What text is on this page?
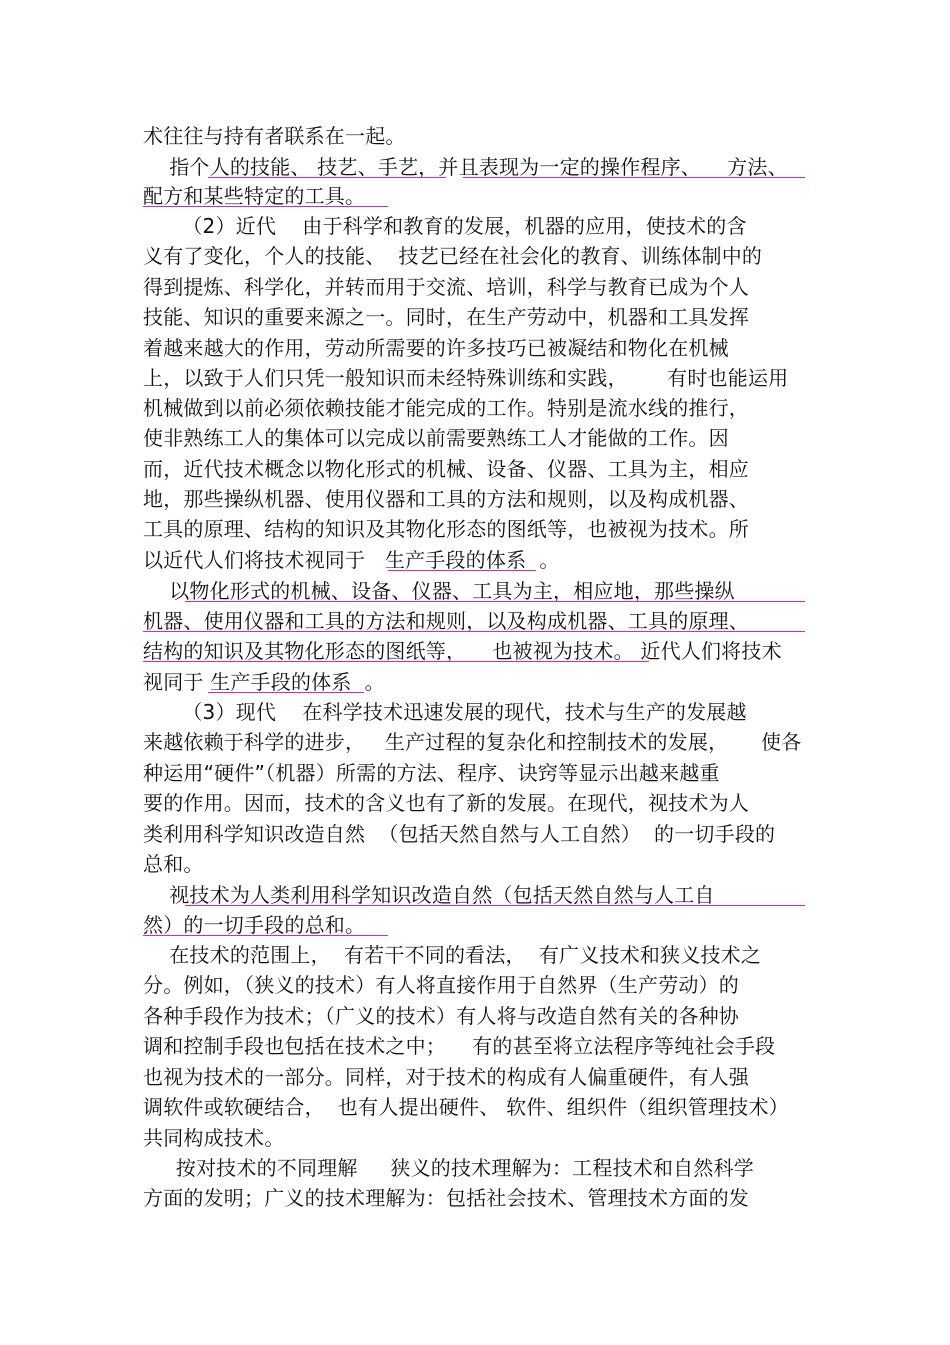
术往往与持有者联系在一起。
指个人的技能、 技艺、手艺，并且表现为一定的操作程序、    方法、
配方和某些特定的工具。
（2）近代    由于科学和教育的发展，机器的应用，使技术的含
义有了变化，个人的技能、  技艺已经在社会化的教育、训练体制中的
得到提炼、科学化，并转而用于交流、培训，科学与教育已成为个人
技能、知识的重要来源之一。同时，在生产劳动中，机器和工具发挥
着越来越大的作用，劳动所需要的许多技巧已被凝结和物化在机械
上，以致于人们只凭一般知识而未经特殊训练和实践，      有时也能运用
机械做到以前必须依赖技能才能完成的工作。特别是流水线的推行，
使非熟练工人的集体可以完成以前需要熟练工人才能做的工作。因
而，近代技术概念以物化形式的机械、设备、仪器、工具为主，相应
地，那些操纵机器、使用仪器和工具的方法和规则，以及构成机器、
工具的原理、结构的知识及其物化形态的图纸等，也被视为技术。所
以近代人们将技术视同于   生产手段的体系  。
以物化形式的机械、设备、仪器、工具为主，相应地，那些操纵
机器、使用仪器和工具的方法和规则，以及构成机器、工具的原理、
结构的知识及其物化形态的图纸等，    也被视为技术。 近代人们将技术
视同于 生产手段的体系  。
（3）现代    在科学技术迅速发展的现代，技术与生产的发展越
来越依赖于科学的进步，   生产过程的复杂化和控制技术的发展，     使各
种运用“硬件”（机器）所需的方法、程序、诀窍等显示出越来越重
要的作用。因而，技术的含义也有了新的发展。在现代，视技术为人
类利用科学知识改造自然  （包括天然自然与人工自然）  的一切手段的
总和。
视技术为人类利用科学知识改造自然（包括天然自然与人工自
然）的一切手段的总和。
在技术的范围上，  有若干不同的看法，  有广义技术和狭义技术之
分。例如，（狭义的技术）有人将直接作用于自然界（生产劳动）的
各种手段作为技术；（广义的技术）有人将与改造自然有关的各种协
调和控制手段也包括在技术之中；    有的甚至将立法程序等纯社会手段
也视为技术的一部分。同样，对于技术的构成有人偏重硬件，有人强
调软件或软硬结合，  也有人提出硬件、 软件、组织件（组织管理技术）
共同构成技术。
按对技术的不同理解     狭义的技术理解为：工程技术和自然科学
方面的发明；广义的技术理解为：包括社会技术、管理技术方面的发
